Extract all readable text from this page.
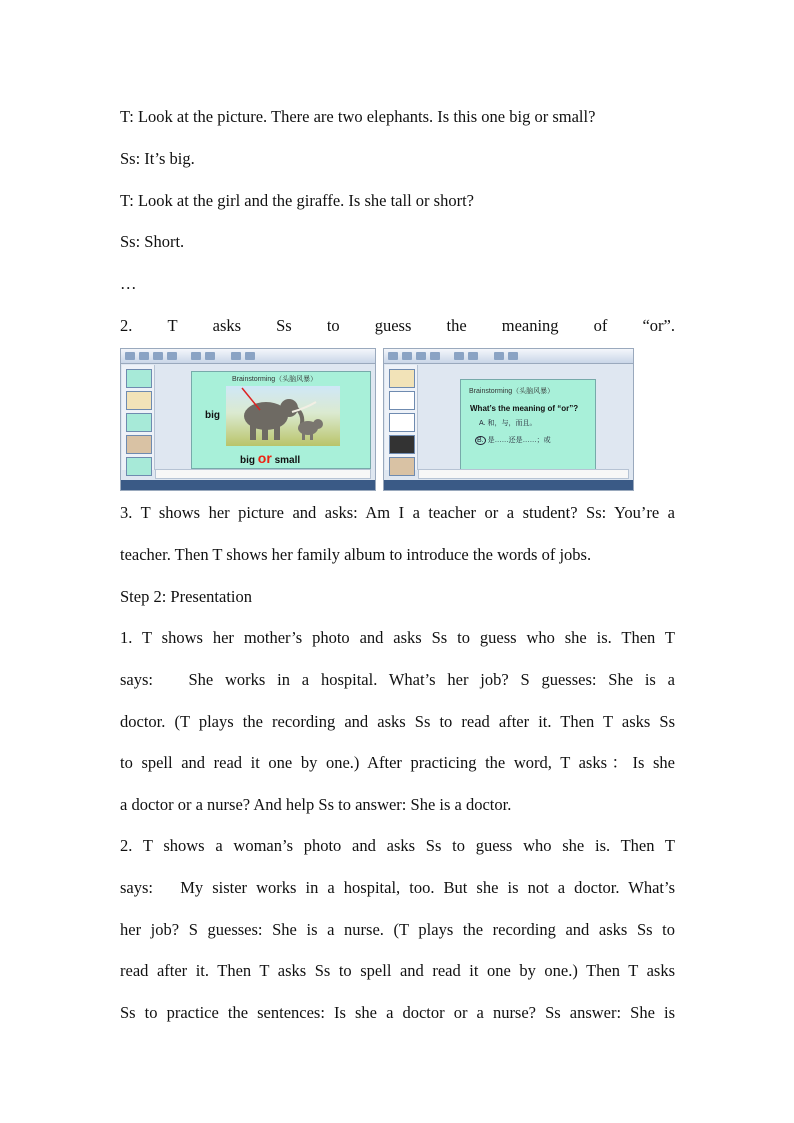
T: Look at the picture. There are two elephants. Is this one big or small?
Ss: It’s big.
T: Look at the girl and the giraffe. Is she tall or short?
Ss: Short.
…
2. T asks Ss to guess the meaning of “or”.
Brainstorming（头脑风暴）
big
big or small
Brainstorming（头脑风暴）
What’s the meaning of “or”?
A. 和，与，而且。
B. 是……还是……；或
3. T shows her picture and asks: Am I a teacher or a student? Ss: You’re a
teacher. Then T shows her family album to introduce the words of jobs.
Step 2: Presentation
1. T shows her mother’s photo and asks Ss to guess who she is. Then T
says:   She works in a hospital. What’s her job? S guesses: She is a
doctor. (T plays the recording and asks Ss to read after it. Then T asks Ss
to spell and read it one by one.) After practicing the word, T asks：Is she
a doctor or a nurse? And help Ss to answer: She is a doctor.
2. T shows a woman’s photo and asks Ss to guess who she is. Then T
says:   My sister works in a hospital, too. But she is not a doctor. What’s
her job? S guesses: She is a nurse. (T plays the recording and asks Ss to
read after it. Then T asks Ss to spell and read it one by one.) Then T asks
Ss to practice the sentences: Is she a doctor or a nurse? Ss answer: She is
